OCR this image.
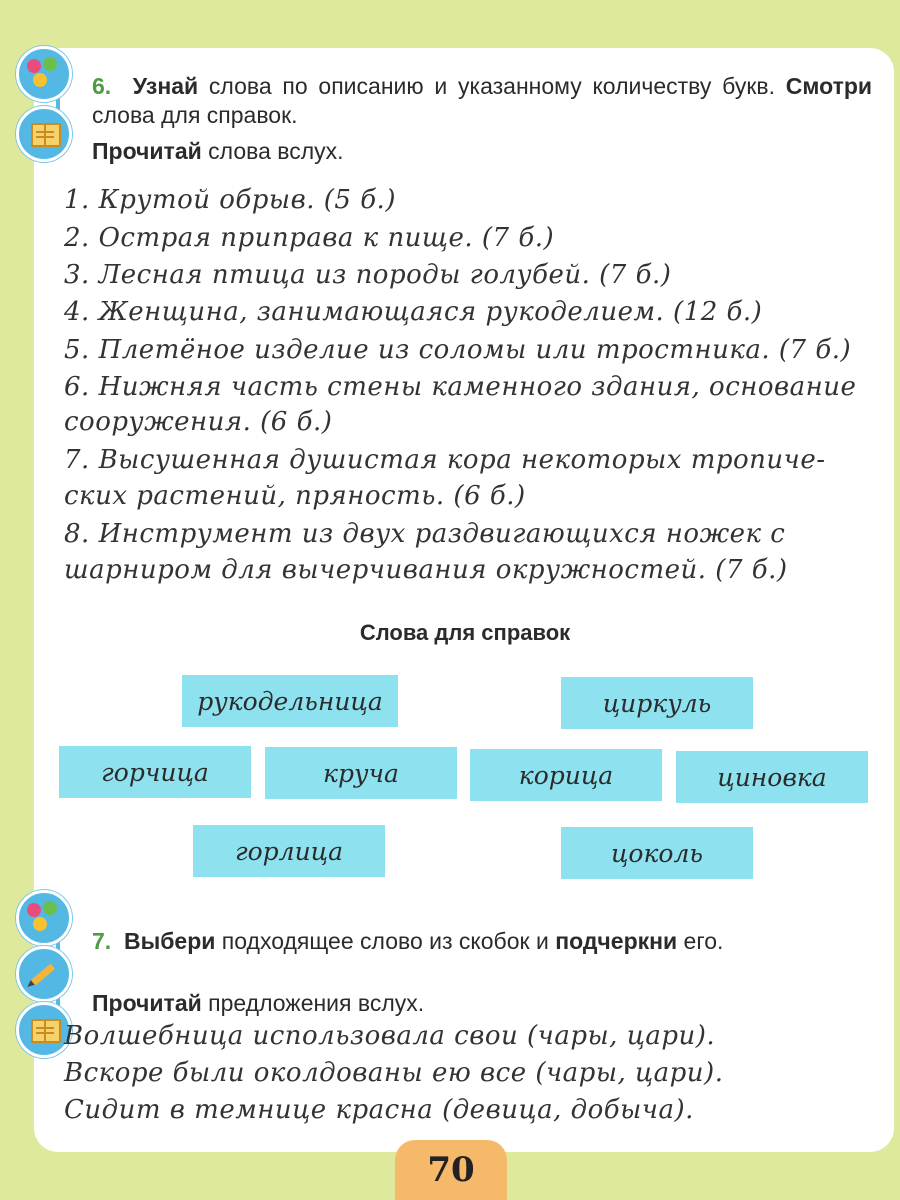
6. Узнай слова по описанию и указанному количеству букв. Смотри слова для справок.
Прочитай слова вслух.
1. Крутой обрыв. (5 б.)
2. Острая приправа к пище. (7 б.)
3. Лесная птица из породы голубей. (7 б.)
4. Женщина, занимающаяся рукоделием. (12 б.)
5. Плетёное изделие из соломы или тростника. (7 б.)
6. Нижняя часть стены каменного здания, основание
сооружения. (6 б.)
7. Высушенная душистая кора некоторых тропиче-
ских растений, пряность. (6 б.)
8. Инструмент из двух раздвигающихся ножек с
шарниром для вычерчивания окружностей. (7 б.)
Слова для справок
рукодельница	циркуль
горчица	круча	корица	циновка
горлица	цоколь
7. Выбери подходящее слово из скобок и подчеркни его.
Прочитай предложения вслух.
Волшебница использовала свои (чары, цари).
Вскоре были околдованы ею все (чары, цари).
Сидит в темнице красна (девица, добыча).
70
